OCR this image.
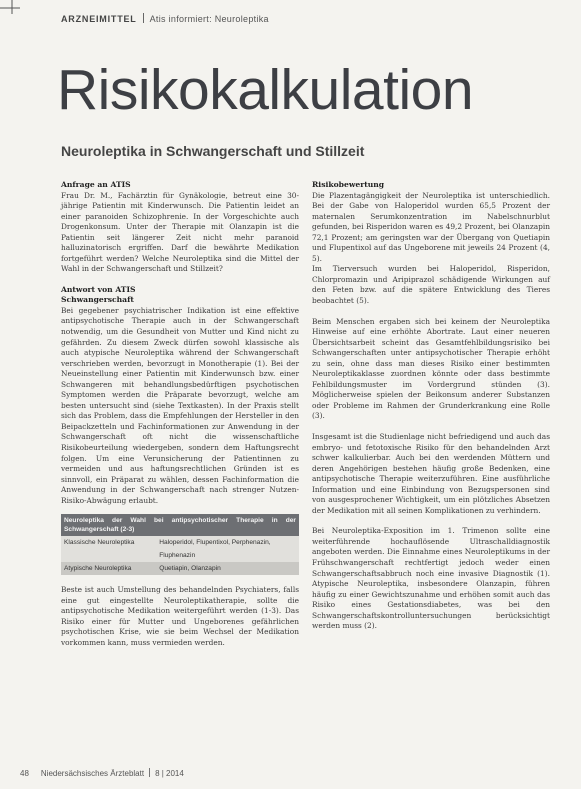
ARZNEIMITTEL Atis informiert: Neuroleptika
Risikokalkulation
Neuroleptika in Schwangerschaft und Stillzeit
Anfrage an ATIS

Frau Dr. M., Fachärztin für Gynäkologie, betreut eine 30-jährige Patientin mit Kinderwunsch. Die Patientin leidet an einer paranoiden Schizophrenie. In der Vorgeschichte auch Drogenkonsum. Unter der Therapie mit Olanzapin ist die Patientin seit längerer Zeit nicht mehr paranoid halluzinatorisch ergriffen. Darf die bewährte Medikation fortgeführt werden? Welche Neuroleptika sind die Mittel der Wahl in der Schwangerschaft und Stillzeit?

Antwort von ATIS
Schwangerschaft

Bei gegebener psychiatrischer Indikation ist eine effektive antipsychotische Therapie auch in der Schwangerschaft notwendig, um die Gesundheit von Mutter und Kind nicht zu gefährden. Zu diesem Zweck dürfen sowohl klassische als auch atypische Neuroleptika während der Schwangerschaft verschrieben werden, bevorzugt in Monotherapie (1). Bei der Neueinstellung einer Patientin mit Kinderwunsch bzw. einer Schwangeren mit behandlungsbedürftigen psychotischen Symptomen werden die Präparate bevorzugt, welche am besten untersucht sind (siehe Textkasten). In der Praxis stellt sich das Problem, dass die Empfehlungen der Hersteller in den Beipackzetteln und Fachinformationen zur Anwendung in der Schwangerschaft oft nicht die wissenschaftliche Risikobeurteilung wiedergeben, sondern dem Haftungsrecht folgen. Um eine Verunsicherung der Patientinnen zu vermeiden und aus haftungsrechtlichen Gründen ist es sinnvoll, ein Präparat zu wählen, dessen Fachinformation die Anwendung in der Schwangerschaft nach strenger Nutzen-Risiko-Abwägung erlaubt.

Neuroleptika der Wahl bei antipsychotischer Therapie in der Schwangerschaft (2-3)	
Klassische Neuroleptika	Haloperidol, Flupentixol, Perphenazin,
	Fluphenazin
Atypische Neuroleptika	Quetiapin, Olanzapin

Beste ist auch Umstellung des behandelnden Psychiaters, falls eine gut eingestellte Neuroleptikatherapie, sollte die antipsychotische Medikation weitergeführt werden (1-3). Das Risiko einer für Mutter und Ungeborenes gefährlichen psychotischen Krise, wie sie beim Wechsel der Medikation vorkommen kann, muss vermieden werden.

Risikobewertung

Die Plazentagängigkeit der Neuroleptika ist unterschiedlich. Bei der Gabe von Haloperidol wurden 65,5 Prozent der maternalen Serumkonzentration im Nabelschnurblut gefunden, bei Risperidon waren es 49,2 Prozent, bei Olanzapin 72,1 Prozent; am geringsten war der Übergang von Quetiapin und Flupentixol auf das Ungeborene mit jeweils 24 Prozent (4, 5).

Im Tierversuch wurden bei Haloperidol, Risperidon, Chlorpromazin und Aripiprazol schädigende Wirkungen auf den Feten bzw. auf die spätere Entwicklung des Tieres beobachtet (5).

Beim Menschen ergaben sich bei keinem der Neuroleptika Hinweise auf eine erhöhte Abortrate. Laut einer neueren Übersichtsarbeit scheint das Gesamtfehlbildungsrisiko bei Schwangerschaften unter antipsychotischer Therapie erhöht zu sein, ohne dass man dieses Risiko einer bestimmten Neuroleptikaklasse zuordnen könnte oder dass bestimmte Fehlbildungsmuster im Vordergrund stünden (3). Möglicherweise spielen der Beikonsum anderer Substanzen oder Probleme im Rahmen der Grunderkrankung eine Rolle (3).

Insgesamt ist die Studienlage nicht befriedigend und auch das embryo- und fetotoxische Risiko für den behandelnden Arzt schwer kalkulierbar. Auch bei den werdenden Müttern und deren Angehörigen bestehen häufig große Bedenken, eine antipsychotische Therapie weiterzuführen. Eine ausführliche Information und eine Einbindung von Bezugspersonen sind von ausgesprochener Wichtigkeit, um ein plötzliches Absetzen der Medikation mit all seinen Komplikationen zu verhindern.

Bei Neuroleptika-Exposition im 1. Trimenon sollte eine weiterführende hochauflösende Ultraschalldiagnostik angeboten werden. Die Einnahme eines Neuroleptikums in der Frühschwangerschaft rechtfertigt jedoch weder einen Schwangerschaftsabbruch noch eine invasive Diagnostik (1). Atypische Neuroleptika, insbesondere Olanzapin, führen häufig zu einer Gewichtszunahme und erhöhen somit auch das Risiko eines Gestationsdiabetes, was bei den Schwangerschaftskontrolluntersuchungen berücksichtigt werden muss (2).

48 Niedersächsisches Ärzteblatt 8 | 2014
